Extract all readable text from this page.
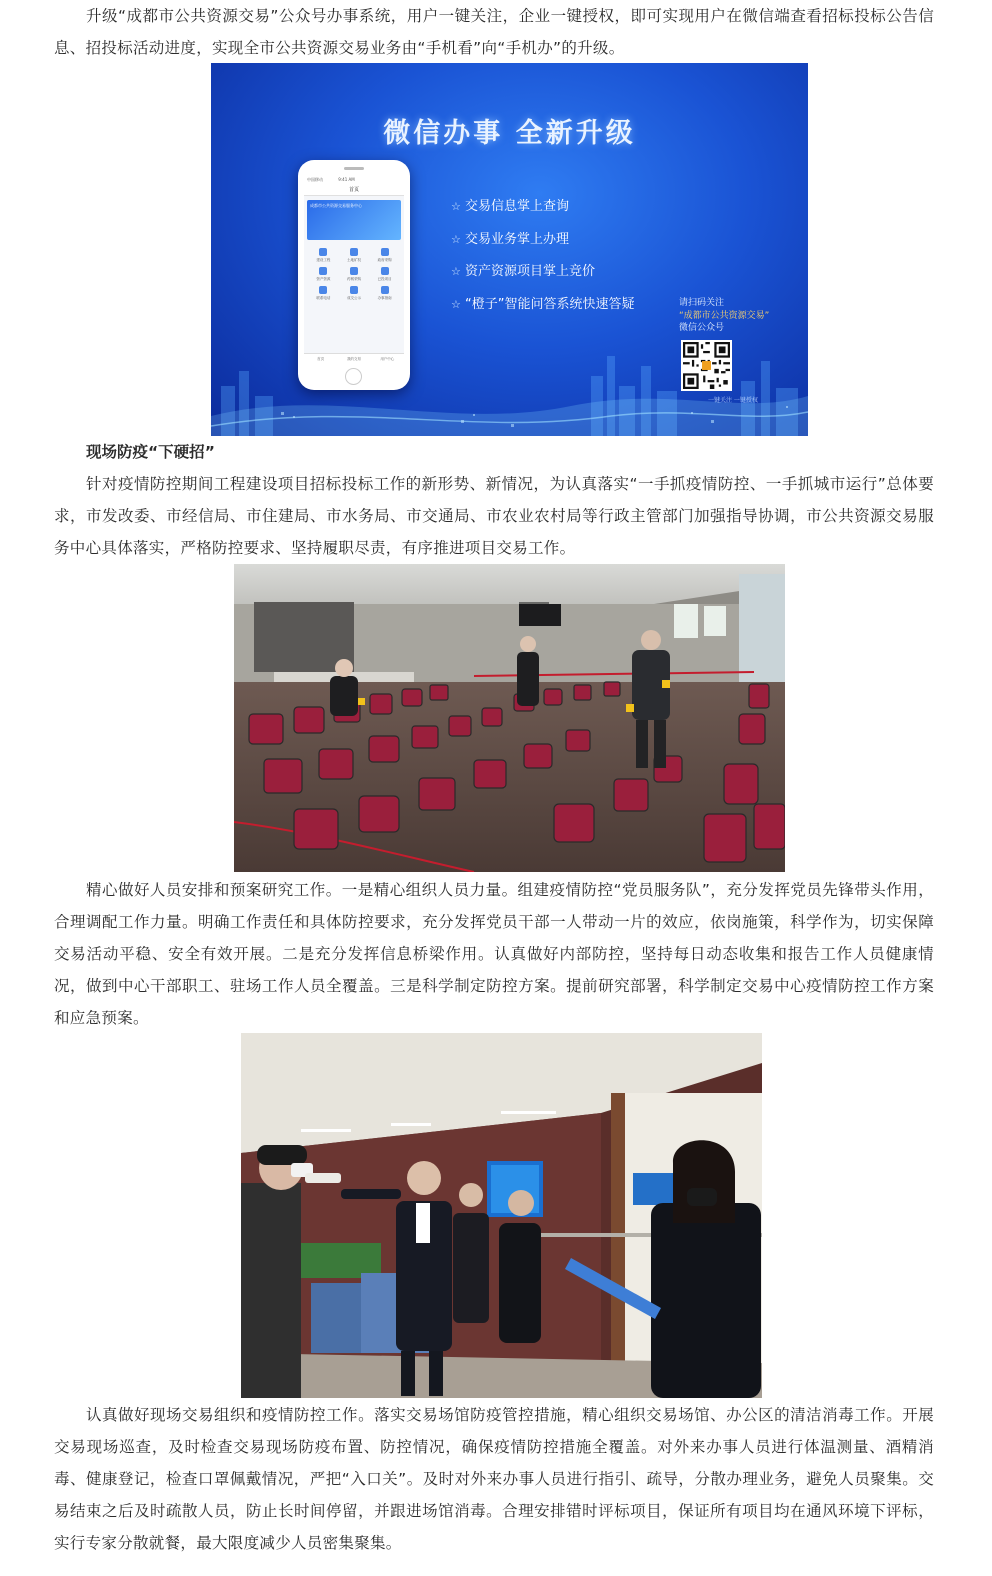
升级“成都市公共资源交易”公众号办事系统，用户一键关注，企业一键授权，即可实现用户在微信端查看招标投标公告信息、招投标活动进度，实现全市公共资源交易业务由“手机看”向“手机办”的升级。

微信办事 全新升级
中国移动	9:41 AM
首页
成都市公共资源交易服务中心
建设工程	土地矿权	政府采购
资产资源	药械采购	已投项目
联系电话	成交公示	办事指南
首页	我的交易	用户中心
☆ 交易信息掌上查询
☆ 交易业务掌上办理
☆ 资产资源项目掌上竞价
☆ “橙子”智能问答系统快速答疑	请扫码关注
“成都市公共资源交易”
微信公众号
一键关注 一键授权
现场防疫“下硬招”

针对疫情防控期间工程建设项目招标投标工作的新形势、新情况，为认真落实“一手抓疫情防控、一手抓城市运行”总体要求，市发改委、市经信局、市住建局、市水务局、市交通局、市农业农村局等行政主管部门加强指导协调，市公共资源交易服务中心具体落实，严格防控要求、坚持履职尽责，有序推进项目交易工作。

精心做好人员安排和预案研究工作。一是精心组织人员力量。组建疫情防控“党员服务队”，充分发挥党员先锋带头作用，合理调配工作力量。明确工作责任和具体防控要求，充分发挥党员干部一人带动一片的效应，依岗施策，科学作为，切实保障交易活动平稳、安全有效开展。二是充分发挥信息桥梁作用。认真做好内部防控，坚持每日动态收集和报告工作人员健康情况，做到中心干部职工、驻场工作人员全覆盖。三是科学制定防控方案。提前研究部署，科学制定交易中心疫情防控工作方案和应急预案。

认真做好现场交易组织和疫情防控工作。落实交易场馆防疫管控措施，精心组织交易场馆、办公区的清洁消毒工作。开展交易现场巡查，及时检查交易现场防疫布置、防控情况，确保疫情防控措施全覆盖。对外来办事人员进行体温测量、酒精消毒、健康登记，检查口罩佩戴情况，严把“入口关”。及时对外来办事人员进行指引、疏导，分散办理业务，避免人员聚集。交易结束之后及时疏散人员，防止长时间停留，并跟进场馆消毒。合理安排错时评标项目，保证所有项目均在通风环境下评标，实行专家分散就餐，最大限度减少人员密集聚集。
